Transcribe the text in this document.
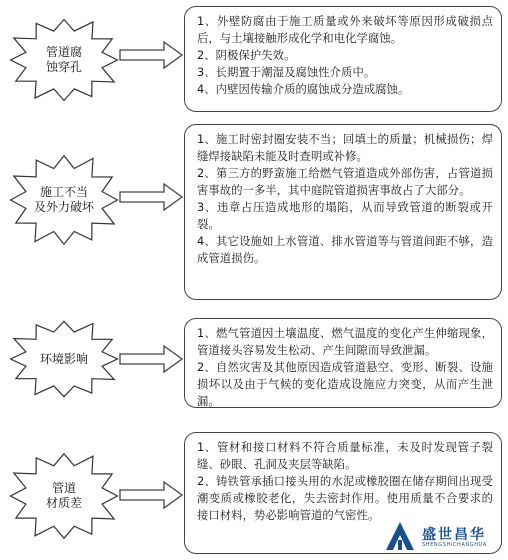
管道腐
蚀穿孔

1、外壁防腐由于施工质量或外来破坏等原因形成破损点后，与土壤接触形成化学和电化学腐蚀。

2、阴极保护失效。

3、长期置于潮湿及腐蚀性介质中。

4、内壁因传输介质的腐蚀成分造成腐蚀。

施工不当
及外力破坏

1、施工时密封圈安装不当；回填土的质量；机械损伤；焊缝焊接缺陷未能及时查明或补修。

2、第三方的野蛮施工给燃气管道造成外部伤害，占管道损害事故的一多半，其中庭院管道损害事故占了大部分。

3、违章占压造成地形的塌陷，从而导致管道的断裂或开裂。

4、其它设施如上水管道、排水管道等与管道间距不够，造成管道损伤。

环境影响

1、燃气管道因土壤温度、燃气温度的变化产生伸缩现象，管道接头容易发生松动、产生间隙而导致泄漏。

2、自然灾害及其他原因造成管道悬空、变形、断裂、设施损坏以及由于气候的变化造成设施应力突变，从而产生泄漏。

管道
材质差

1、管材和接口材料不符合质量标准，未及时发现管子裂缝、砂眼、孔洞及夹层等缺陷。

2、铸铁管承插口接头用的水泥或橡胶圈在储存期间出现受潮变质或橡胶老化，失去密封作用。使用质量不合要求的接口材料，势必影响管道的气密性。

盛世昌华
SHENGSHICHANGHUA
